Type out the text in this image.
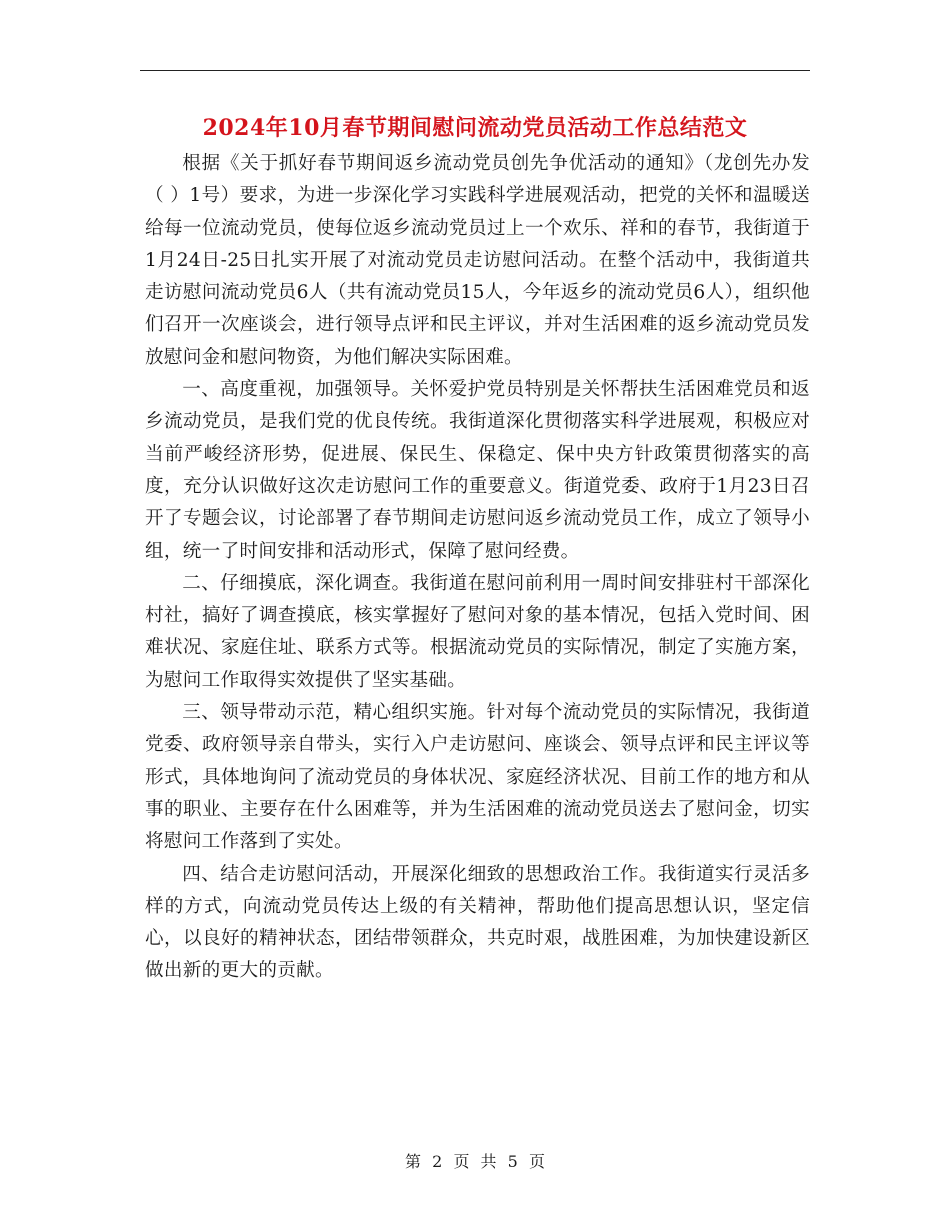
2024年10月春节期间慰问流动党员活动工作总结范文

根据《关于抓好春节期间返乡流动党员创先争优活动的通知》（龙创先办发（ ）1号）要求，为进一步深化学习实践科学进展观活动，把党的关怀和温暖送给每一位流动党员，使每位返乡流动党员过上一个欢乐、祥和的春节，我街道于1月24日-25日扎实开展了对流动党员走访慰问活动。在整个活动中，我街道共走访慰问流动党员6人（共有流动党员15人，今年返乡的流动党员6人），组织他们召开一次座谈会，进行领导点评和民主评议，并对生活困难的返乡流动党员发放慰问金和慰问物资，为他们解决实际困难。

一、高度重视，加强领导。关怀爱护党员特别是关怀帮扶生活困难党员和返乡流动党员，是我们党的优良传统。我街道深化贯彻落实科学进展观，积极应对当前严峻经济形势，促进展、保民生、保稳定、保中央方针政策贯彻落实的高度，充分认识做好这次走访慰问工作的重要意义。街道党委、政府于1月23日召开了专题会议，讨论部署了春节期间走访慰问返乡流动党员工作，成立了领导小组，统一了时间安排和活动形式，保障了慰问经费。

二、仔细摸底，深化调查。我街道在慰问前利用一周时间安排驻村干部深化村社，搞好了调查摸底，核实掌握好了慰问对象的基本情况，包括入党时间、困难状况、家庭住址、联系方式等。根据流动党员的实际情况，制定了实施方案，为慰问工作取得实效提供了坚实基础。

三、领导带动示范，精心组织实施。针对每个流动党员的实际情况，我街道党委、政府领导亲自带头，实行入户走访慰问、座谈会、领导点评和民主评议等形式，具体地询问了流动党员的身体状况、家庭经济状况、目前工作的地方和从事的职业、主要存在什么困难等，并为生活困难的流动党员送去了慰问金，切实将慰问工作落到了实处。

四、结合走访慰问活动，开展深化细致的思想政治工作。我街道实行灵活多样的方式，向流动党员传达上级的有关精神，帮助他们提高思想认识，坚定信心，以良好的精神状态，团结带领群众，共克时艰，战胜困难，为加快建设新区做出新的更大的贡献。

第 2 页 共 5 页
